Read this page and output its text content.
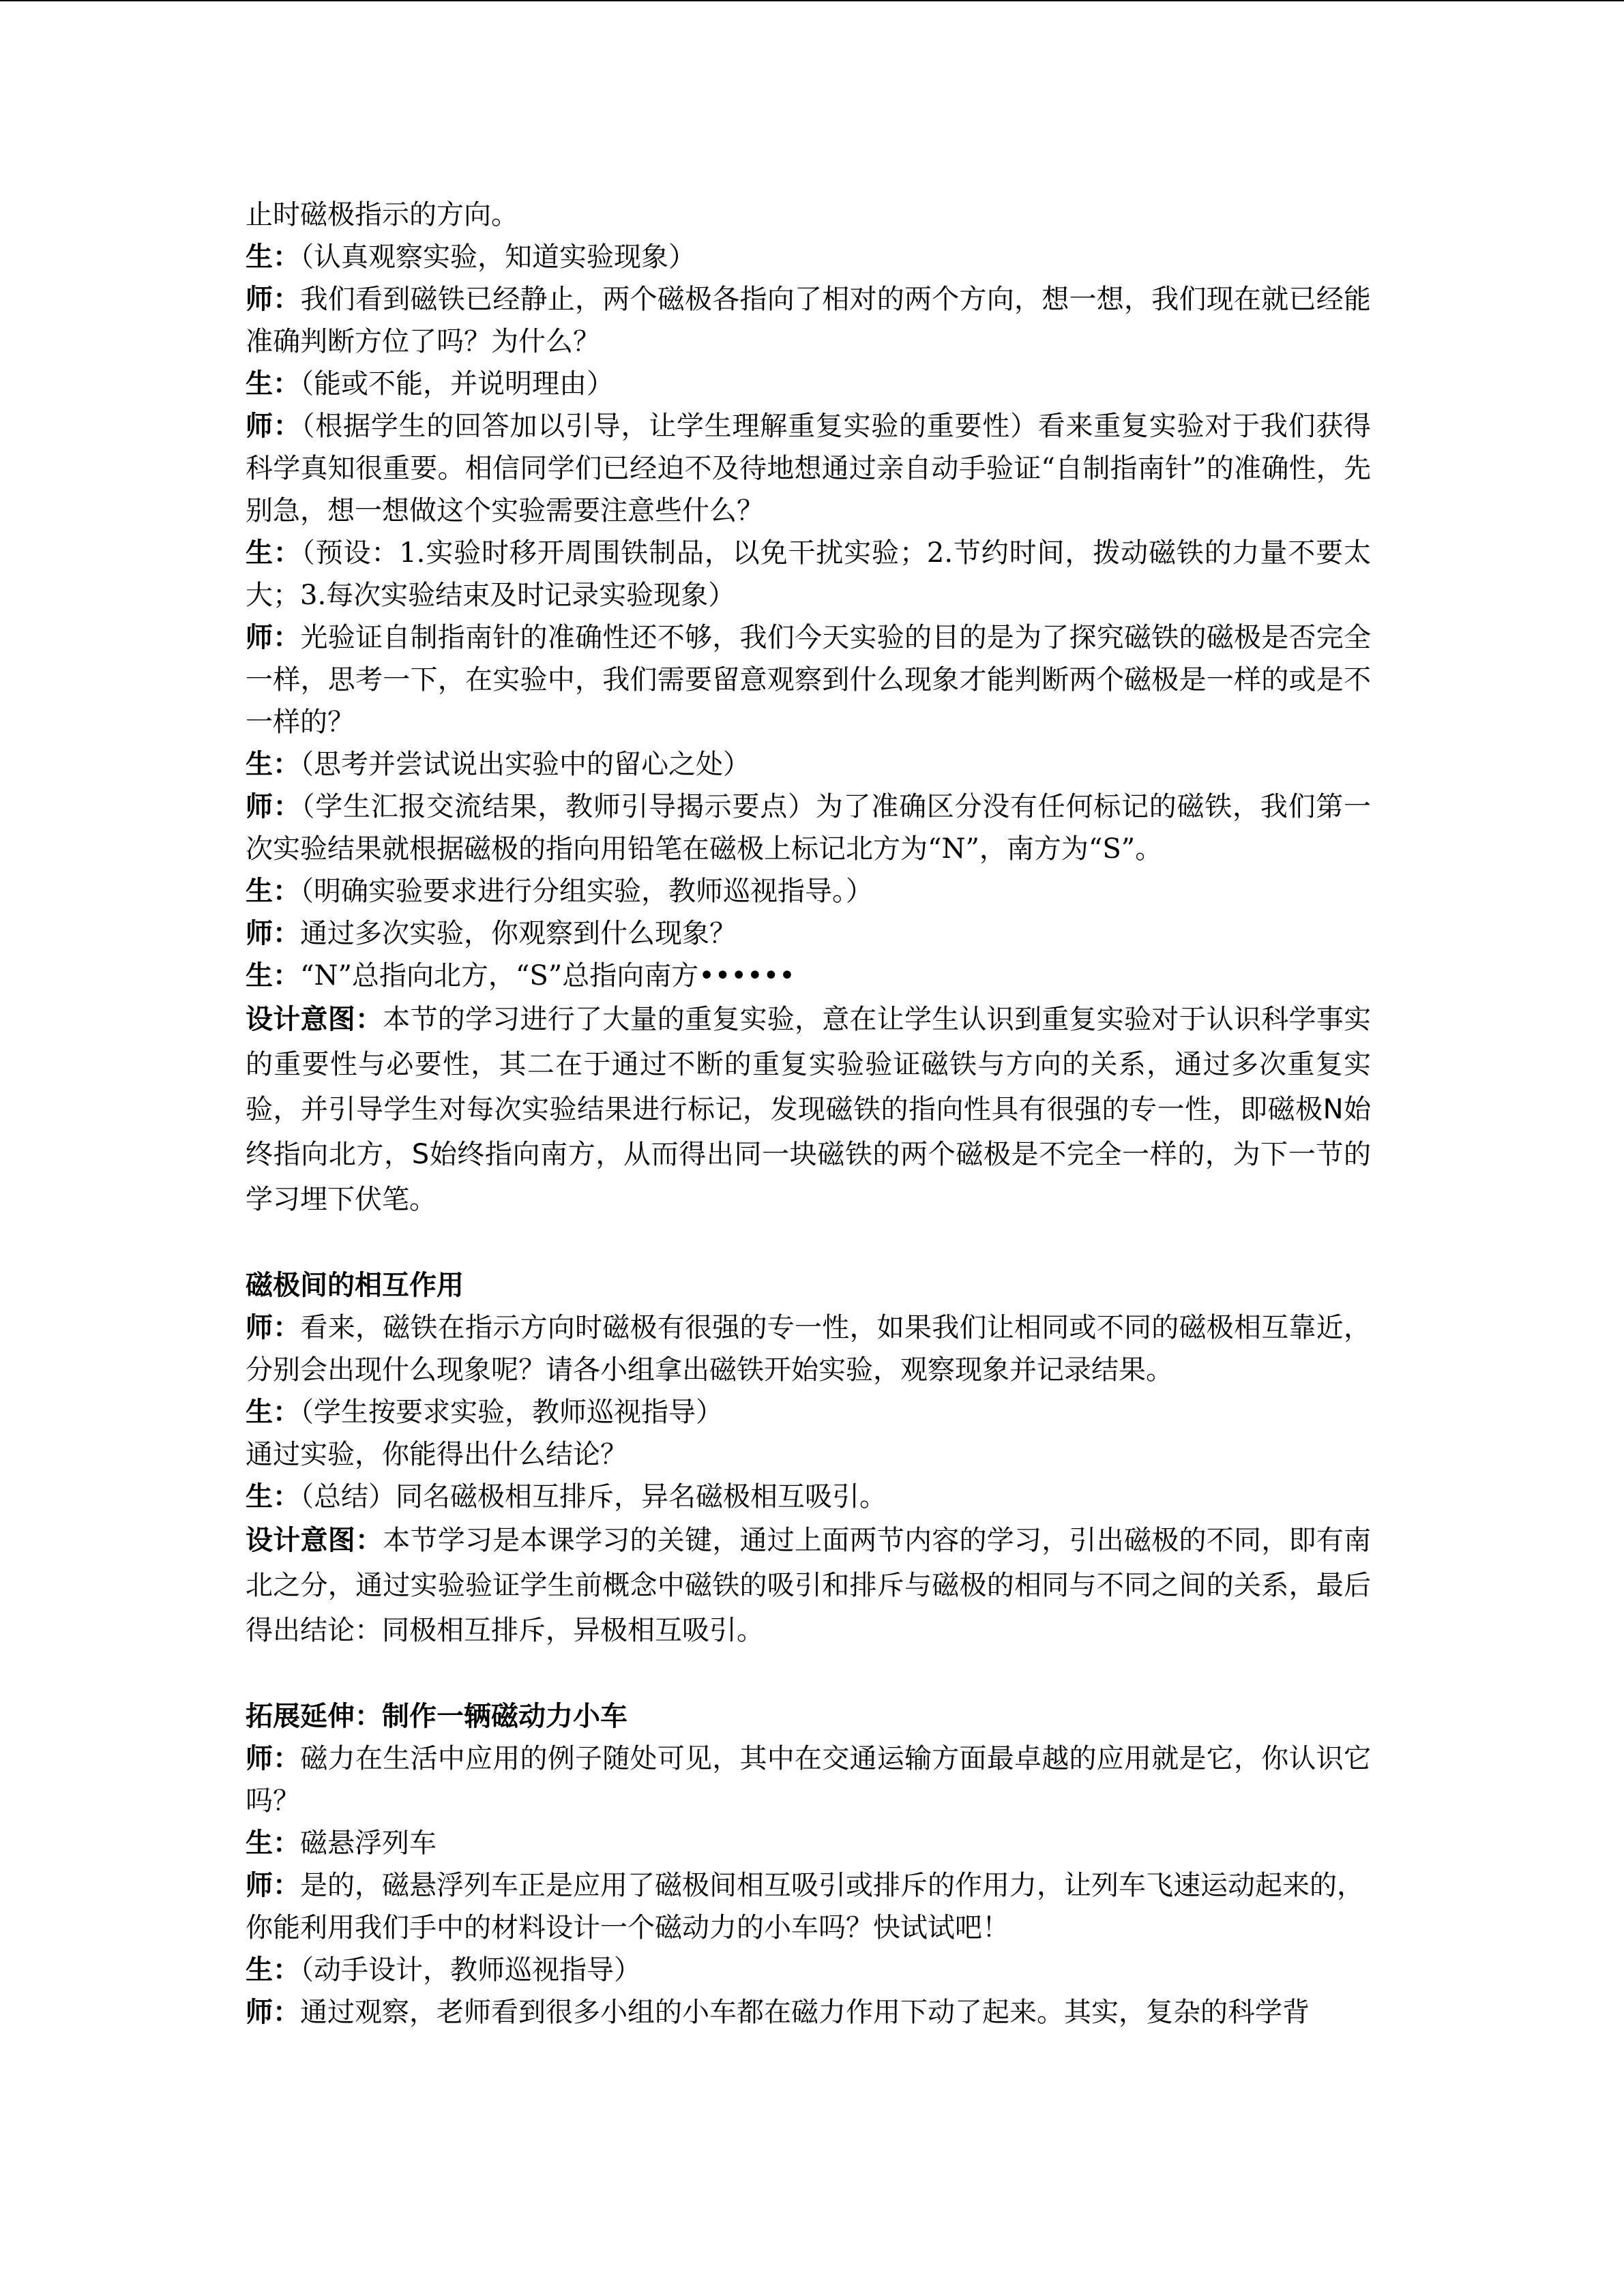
止时磁极指示的方向。

生：（认真观察实验，知道实验现象）

师：我们看到磁铁已经静止，两个磁极各指向了相对的两个方向，想一想，我们现在就已经能准确判断方位了吗？为什么？

生：（能或不能，并说明理由）

师：（根据学生的回答加以引导，让学生理解重复实验的重要性）看来重复实验对于我们获得科学真知很重要。相信同学们已经迫不及待地想通过亲自动手验证“自制指南针”的准确性，先别急，想一想做这个实验需要注意些什么？

生：（预设：1.实验时移开周围铁制品，以免干扰实验；2.节约时间，拨动磁铁的力量不要太大；3.每次实验结束及时记录实验现象）

师：光验证自制指南针的准确性还不够，我们今天实验的目的是为了探究磁铁的磁极是否完全一样，思考一下，在实验中，我们需要留意观察到什么现象才能判断两个磁极是一样的或是不一样的？

生：（思考并尝试说出实验中的留心之处）

师：（学生汇报交流结果，教师引导揭示要点）为了准确区分没有任何标记的磁铁，我们第一次实验结果就根据磁极的指向用铅笔在磁极上标记北方为“N”，南方为“S”。

生：（明确实验要求进行分组实验，教师巡视指导。）

师：通过多次实验，你观察到什么现象？

生：“N”总指向北方，“S”总指向南方••••••

设计意图：本节的学习进行了大量的重复实验，意在让学生认识到重复实验对于认识科学事实的重要性与必要性，其二在于通过不断的重复实验验证磁铁与方向的关系，通过多次重复实验，并引导学生对每次实验结果进行标记，发现磁铁的指向性具有很强的专一性，即磁极N始终指向北方，S始终指向南方，从而得出同一块磁铁的两个磁极是不完全一样的，为下一节的学习埋下伏笔。

磁极间的相互作用

师：看来，磁铁在指示方向时磁极有很强的专一性，如果我们让相同或不同的磁极相互靠近，分别会出现什么现象呢？请各小组拿出磁铁开始实验，观察现象并记录结果。

生：（学生按要求实验，教师巡视指导）

通过实验，你能得出什么结论？

生：（总结）同名磁极相互排斥，异名磁极相互吸引。

设计意图：本节学习是本课学习的关键，通过上面两节内容的学习，引出磁极的不同，即有南北之分，通过实验验证学生前概念中磁铁的吸引和排斥与磁极的相同与不同之间的关系，最后得出结论：同极相互排斥，异极相互吸引。

拓展延伸：制作一辆磁动力小车

师：磁力在生活中应用的例子随处可见，其中在交通运输方面最卓越的应用就是它，你认识它吗？

生：磁悬浮列车

师：是的，磁悬浮列车正是应用了磁极间相互吸引或排斥的作用力，让列车飞速运动起来的，

你能利用我们手中的材料设计一个磁动力的小车吗？快试试吧！

生：（动手设计，教师巡视指导）

师：通过观察，老师看到很多小组的小车都在磁力作用下动了起来。其实，复杂的科学背
